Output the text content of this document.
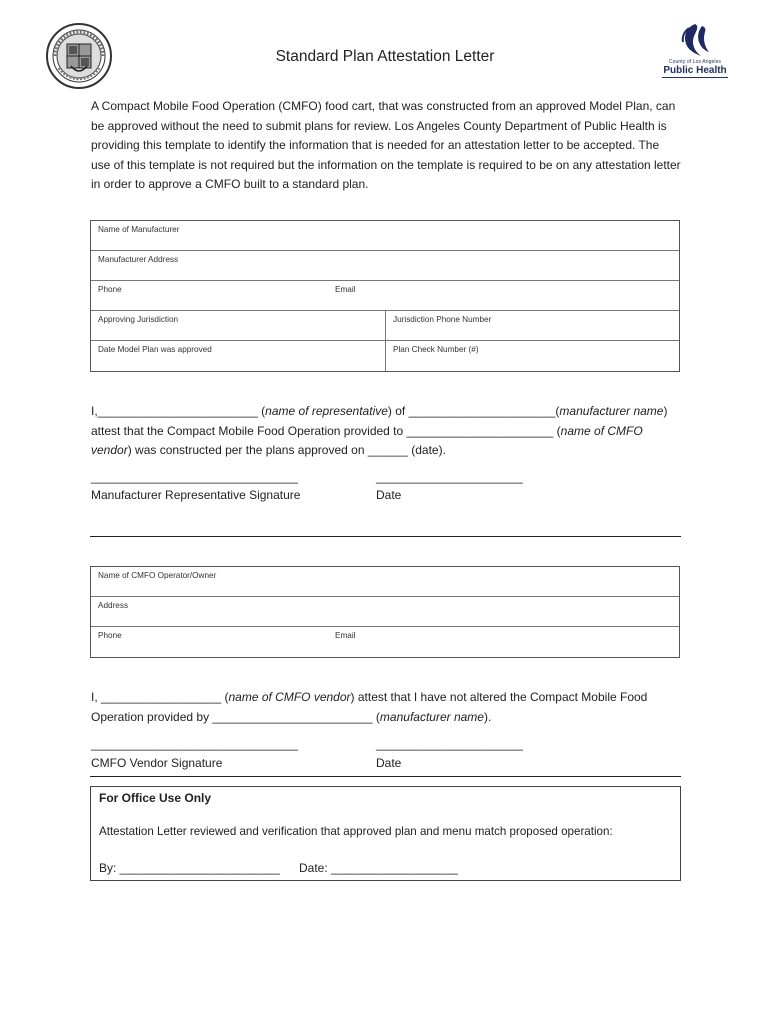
County of Los Angeles
Public Health
Standard Plan Attestation Letter
A Compact Mobile Food Operation (CMFO) food cart, that was constructed from an approved Model Plan, can be approved without the need to submit plans for review. Los Angeles County Department of Public Health is providing this template to identify the information that is needed for an attestation letter to be accepted. The use of this template is not required but the information on the template is required to be on any attestation letter in order to approve a CMFO built to a standard plan.
Name of Manufacturer
Manufacturer Address
Phone	Email
Approving Jurisdiction	Jurisdiction Phone Number
Date Model Plan was approved	Plan Check Number (#)
I,________________________ (name of representative) of ______________________(manufacturer name) attest that the Compact Mobile Food Operation provided to ______________________ (name of CMFO vendor) was constructed per the plans approved on ______ (date).
_______________________________	______________________
Manufacturer Representative Signature	Date
Name of CMFO Operator/Owner
Address
Phone	Email
I, __________________ (name of CMFO vendor) attest that I have not altered the Compact Mobile Food Operation provided by ________________________ (manufacturer name).
_______________________________	______________________
CMFO Vendor Signature	Date
For Office Use Only
Attestation Letter reviewed and verification that approved plan and menu match proposed operation:
By: ________________________ Date: ___________________
